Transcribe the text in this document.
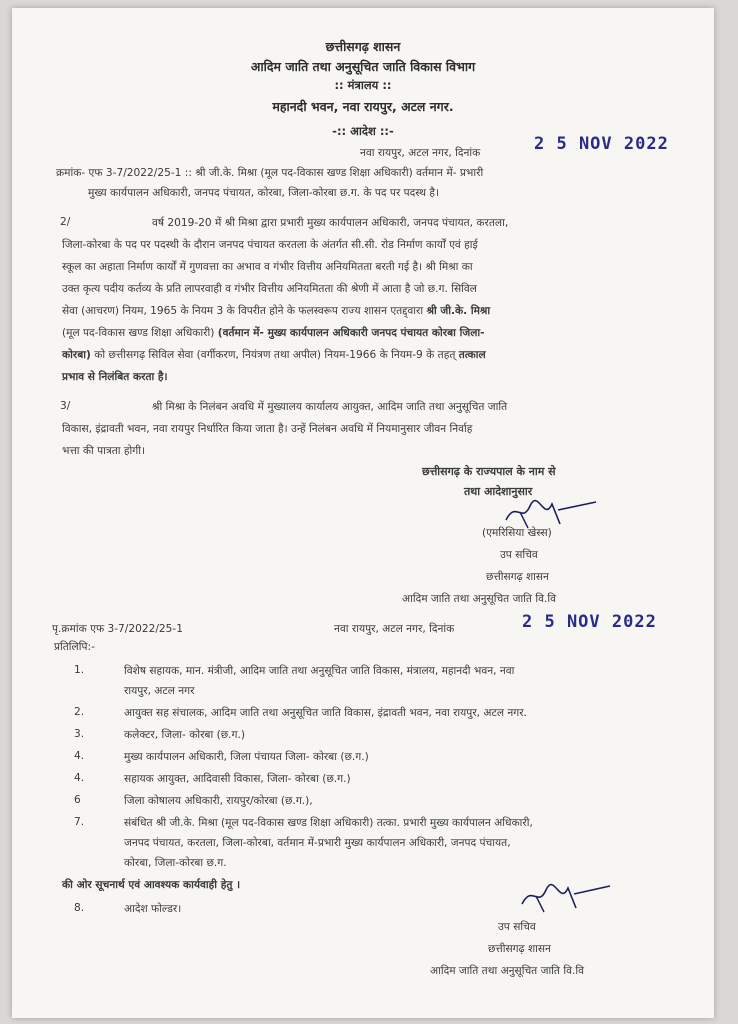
छत्तीसगढ़ शासन
आदिम जाति तथा अनुसूचित जाति विकास विभाग
:: मंत्रालय ::
महानदी भवन, नवा रायपुर, अटल नगर.
-:: आदेश ::-
नवा रायपुर, अटल नगर, दिनांक	2 5 NOV 2022
क्रमांक- एफ 3-7/2022/25-1 :: श्री जी.के. मिश्रा (मूल पद-विकास खण्ड शिक्षा अधिकारी) वर्तमान में- प्रभारी
मुख्य कार्यपालन अधिकारी, जनपद पंचायत, कोरबा, जिला-कोरबा छ.ग. के पद पर पदस्थ है।
2/	वर्ष 2019-20 में श्री मिश्रा द्वारा प्रभारी मुख्य कार्यपालन अधिकारी, जनपद पंचायत, करतला,
जिला-कोरबा के पद पर पदस्थी के दौरान जनपद पंचायत करतला के अंतर्गत सी.सी. रोड निर्माण कार्यों एवं हाई
स्कूल का अहाता निर्माण कार्यों में गुणवत्ता का अभाव व गंभीर वित्तीय अनियमितता बरती गई है। श्री मिश्रा का
उक्त कृत्य पदीय कर्तव्य के प्रति लापरवाही व गंभीर वित्तीय अनियमितता की श्रेणी में आता है जो छ.ग. सिविल
सेवा (आचरण) नियम, 1965 के नियम 3 के विपरीत होने के फलस्वरूप राज्य शासन एतद्द्वारा श्री जी.के. मिश्रा
(मूल पद-विकास खण्ड शिक्षा अधिकारी) (वर्तमान में- मुख्य कार्यपालन अधिकारी जनपद पंचायत कोरबा जिला-
कोरबा) को छत्तीसगढ़ सिविल सेवा (वर्गीकरण, नियंत्रण तथा अपील) नियम-1966 के नियम-9 के तहत् तत्काल
प्रभाव से निलंबित करता है।
3/	श्री मिश्रा के निलंबन अवधि में मुख्यालय कार्यालय आयुक्त, आदिम जाति तथा अनुसूचित जाति
विकास, इंद्रावती भवन, नवा रायपुर निर्धारित किया जाता है। उन्हें निलंबन अवधि में नियमानुसार जीवन निर्वाह
भत्ता की पात्रता होगी।
छत्तीसगढ़ के राज्यपाल के नाम से
तथा आदेशानुसार
(एमरिसिया खेस्स)
उप सचिव
छत्तीसगढ़ शासन
आदिम जाति तथा अनुसूचित जाति वि.वि
पृ.क्रमांक एफ 3-7/2022/25-1	नवा रायपुर, अटल नगर, दिनांक	2 5 NOV 2022
प्रतिलिपि:-
1.	विशेष सहायक, मान. मंत्रीजी, आदिम जाति तथा अनुसूचित जाति विकास, मंत्रालय, महानदी भवन, नवा
रायपुर, अटल नगर
2.	आयुक्त सह संचालक, आदिम जाति तथा अनुसूचित जाति विकास, इंद्रावती भवन, नवा रायपुर, अटल नगर.
3.	कलेक्टर, जिला- कोरबा (छ.ग.)
4.	मुख्य कार्यपालन अधिकारी, जिला पंचायत जिला- कोरबा (छ.ग.)
4.	सहायक आयुक्त, आदिवासी विकास, जिला- कोरबा (छ.ग.)
6	जिला कोषालय अधिकारी, रायपुर/कोरबा (छ.ग.),
7.	संबंधित श्री जी.के. मिश्रा (मूल पद-विकास खण्ड शिक्षा अधिकारी) तत्का. प्रभारी मुख्य कार्यपालन अधिकारी,
जनपद पंचायत, करतला, जिला-कोरबा, वर्तमान में-प्रभारी मुख्य कार्यपालन अधिकारी, जनपद पंचायत,
कोरबा, जिला-कोरबा छ.ग.
की ओर सूचनार्थ एवं आवश्यक कार्यवाही हेतु ।
8.	आदेश फोल्डर।
उप सचिव
छत्तीसगढ़ शासन
आदिम जाति तथा अनुसूचित जाति वि.वि
